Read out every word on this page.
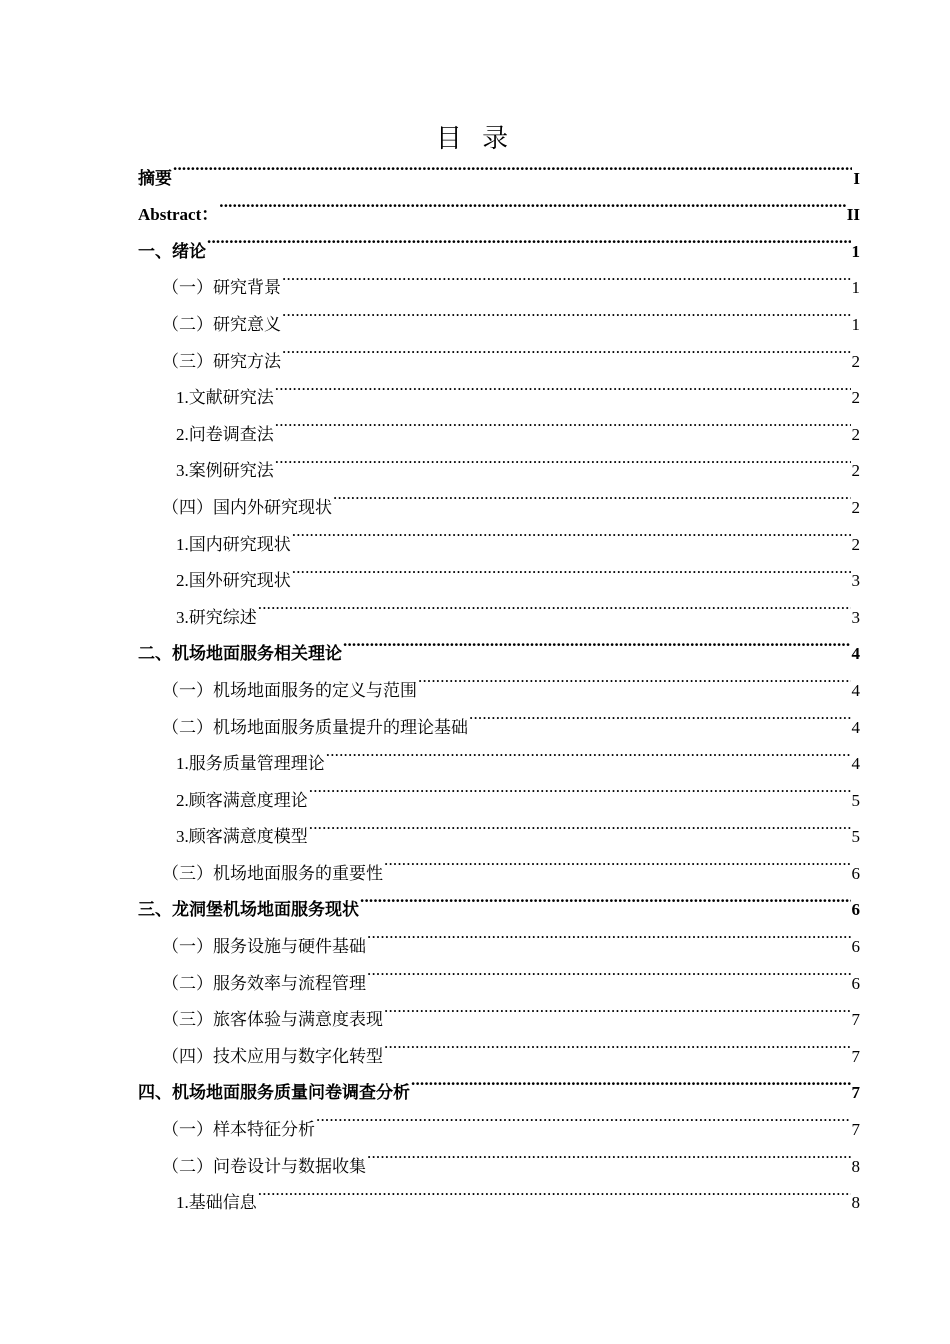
目 录
摘要 .....	I
Abstract： .....	II
一、绪论 .....	1
（一）研究背景 .....	1
（二）研究意义 .....	1
（三）研究方法 .....	2
1.文献研究法 .....	2
2.问卷调查法 .....	2
3.案例研究法 .....	2
（四）国内外研究现状 .....	2
1.国内研究现状 .....	2
2.国外研究现状 .....	3
3.研究综述 .....	3
二、机场地面服务相关理论 .....	4
（一）机场地面服务的定义与范围 .....	4
（二）机场地面服务质量提升的理论基础 .....	4
1.服务质量管理理论 .....	4
2.顾客满意度理论 .....	5
3.顾客满意度模型 .....	5
（三）机场地面服务的重要性 .....	6
三、龙洞堡机场地面服务现状 .....	6
（一）服务设施与硬件基础 .....	6
（二）服务效率与流程管理 .....	6
（三）旅客体验与满意度表现 .....	7
（四）技术应用与数字化转型 .....	7
四、机场地面服务质量问卷调查分析 .....	7
（一）样本特征分析 .....	7
（二）问卷设计与数据收集 .....	8
1.基础信息 .....	8
